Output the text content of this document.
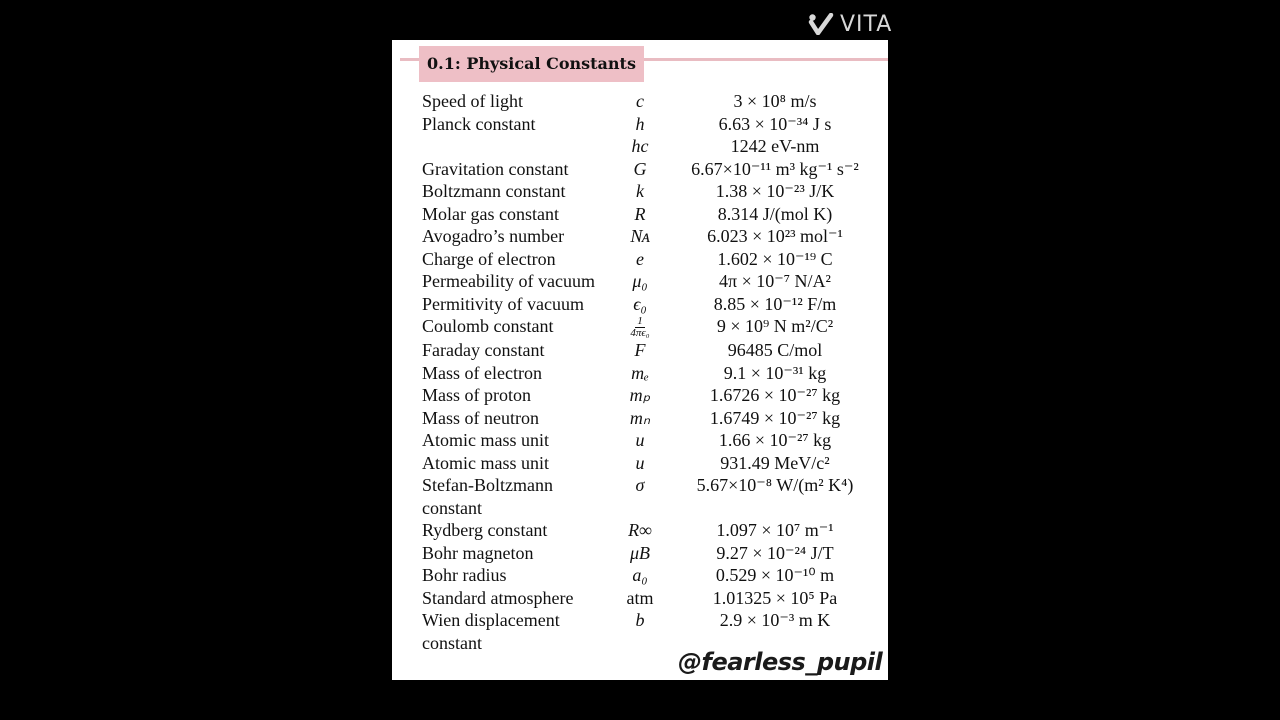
VITA
0.1: Physical Constants
Speed of light	c	3 × 10⁸ m/s
Planck constant	h	6.63 × 10⁻³⁴ J s
	hc	1242 eV-nm
Gravitation constant	G	6.67×10⁻¹¹ m³ kg⁻¹ s⁻²
Boltzmann constant	k	1.38 × 10⁻²³ J/K
Molar gas constant	R	8.314 J/(mol K)
Avogadro’s number	Nᴀ	6.023 × 10²³ mol⁻¹
Charge of electron	e	1.602 × 10⁻¹⁹ C
Permeability of vacuum	μ₀	4π × 10⁻⁷ N/A²
Permitivity of vacuum	ϵ₀	8.85 × 10⁻¹² F/m
Coulomb constant	$\frac{1}{\text{4πϵ₀}}$	9 × 10⁹ N m²/C²
Faraday constant	F	96485 C/mol
Mass of electron	mₑ	9.1 × 10⁻³¹ kg
Mass of proton	mₚ	1.6726 × 10⁻²⁷ kg
Mass of neutron	mₙ	1.6749 × 10⁻²⁷ kg
Atomic mass unit	u	1.66 × 10⁻²⁷ kg
Atomic mass unit	u	931.49 MeV/c²
Stefan-Boltzmann constant	σ	5.67×10⁻⁸ W/(m² K⁴)
Rydberg constant	R∞	1.097 × 10⁷ m⁻¹
Bohr magneton	μB	9.27 × 10⁻²⁴ J/T
Bohr radius	a₀	0.529 × 10⁻¹⁰ m
Standard atmosphere	atm	1.01325 × 10⁵ Pa
Wien displacement constant	b	2.9 × 10⁻³ m K
@fearless_pupil
